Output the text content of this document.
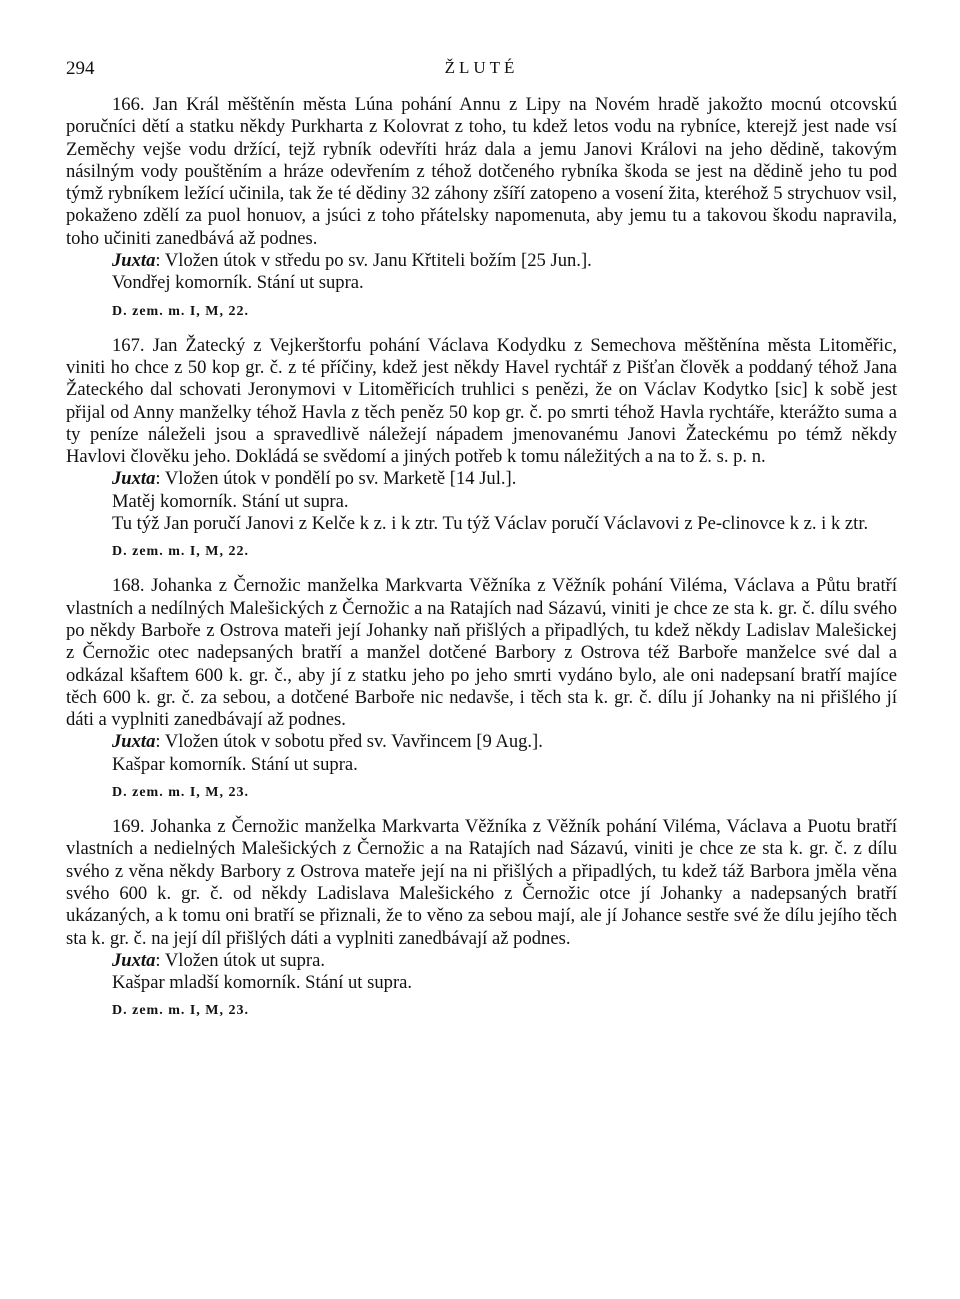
294	ŽLUTÉ

166. Jan Král měštěnín města Lúna pohání Annu z Lipy na Novém hradě jakožto mocnú otcovskú poručníci dětí a statku někdy Purkharta z Kolovrat z toho, tu kdež letos vodu na rybníce, kterejž jest nade vsí Zeměchy vejše vodu držící, tejž rybník odevříti hráz dala a jemu Janovi Královi na jeho dědině, takovým násilným vody pouštěním a hráze odevřením z téhož dotčeného rybníka škoda se jest na dědině jeho tu pod týmž rybníkem ležící učinila, tak že té dědiny 32 záhony zšíří zatopeno a vosení žita, kteréhož 5 strychuov vsil, pokaženo zdělí za puol honuov, a jsúci z toho přátelsky napomenuta, aby jemu tu a takovou škodu napravila, toho učiniti zanedbává až podnes.

Juxta: Vložen útok v středu po sv. Janu Křtiteli božím [25 Jun.].

Vondřej komorník. Stání ut supra.

D. zem. m. I, M, 22.

167. Jan Žatecký z Vejkerštorfu pohání Václava Kodydku z Semechova měštěnína města Litoměřic, viniti ho chce z 50 kop gr. č. z té příčiny, kdež jest někdy Havel rychtář z Pišťan člověk a poddaný téhož Jana Žateckého dal schovati Jeronymovi v Litoměřicích truhlici s penězi, že on Václav Kodytko [sic] k sobě jest přijal od Anny manželky téhož Havla z těch peněz 50 kop gr. č. po smrti téhož Havla rychtáře, kterážto suma a ty peníze náleželi jsou a spravedlivě náležejí nápadem jmenovanému Janovi Žateckému po témž někdy Havlovi člověku jeho. Dokládá se svědomí a jiných potřeb k tomu náležitých a na to ž. s. p. n.

Juxta: Vložen útok v pondělí po sv. Marketě [14 Jul.].

Matěj komorník. Stání ut supra.

Tu týž Jan poručí Janovi z Kelče k z. i k ztr. Tu týž Václav poručí Václavovi z Pe-clinovce k z. i k ztr.

D. zem. m. I, M, 22.

168. Johanka z Černožic manželka Markvarta Věžníka z Věžník pohání Viléma, Václava a Půtu bratří vlastních a nedílných Malešických z Černožic a na Ratajích nad Sázavú, viniti je chce ze sta k. gr. č. dílu svého po někdy Barboře z Ostrova mateři její Johanky naň přišlých a připadlých, tu kdež někdy Ladislav Malešickej z Černožic otec nadepsaných bratří a manžel dotčené Barbory z Ostrova též Barboře manželce své dal a odkázal kšaftem 600 k. gr. č., aby jí z statku jeho po jeho smrti vydáno bylo, ale oni nadepsaní bratří majíce těch 600 k. gr. č. za sebou, a dotčené Barboře nic nedavše, i těch sta k. gr. č. dílu jí Johanky na ni přišlého jí dáti a vyplniti zanedbávají až podnes.

Juxta: Vložen útok v sobotu před sv. Vavřincem [9 Aug.].

Kašpar komorník. Stání ut supra.

D. zem. m. I, M, 23.

169. Johanka z Černožic manželka Markvarta Věžníka z Věžník pohání Viléma, Václava a Puotu bratří vlastních a nedielných Malešických z Černožic a na Ratajích nad Sázavú, viniti je chce ze sta k. gr. č. z dílu svého z věna někdy Barbory z Ostrova mateře její na ni přišlých a připadlých, tu kdež táž Barbora jměla věna svého 600 k. gr. č. od někdy Ladislava Malešického z Černožic otce jí Johanky a nadepsaných bratří ukázaných, a k tomu oni bratří se přiznali, že to věno za sebou mají, ale jí Johance sestře své že dílu jejího těch sta k. gr. č. na její díl přišlých dáti a vyplniti zanedbávají až podnes.

Juxta: Vložen útok ut supra.

Kašpar mladší komorník. Stání ut supra.

D. zem. m. I, M, 23.
